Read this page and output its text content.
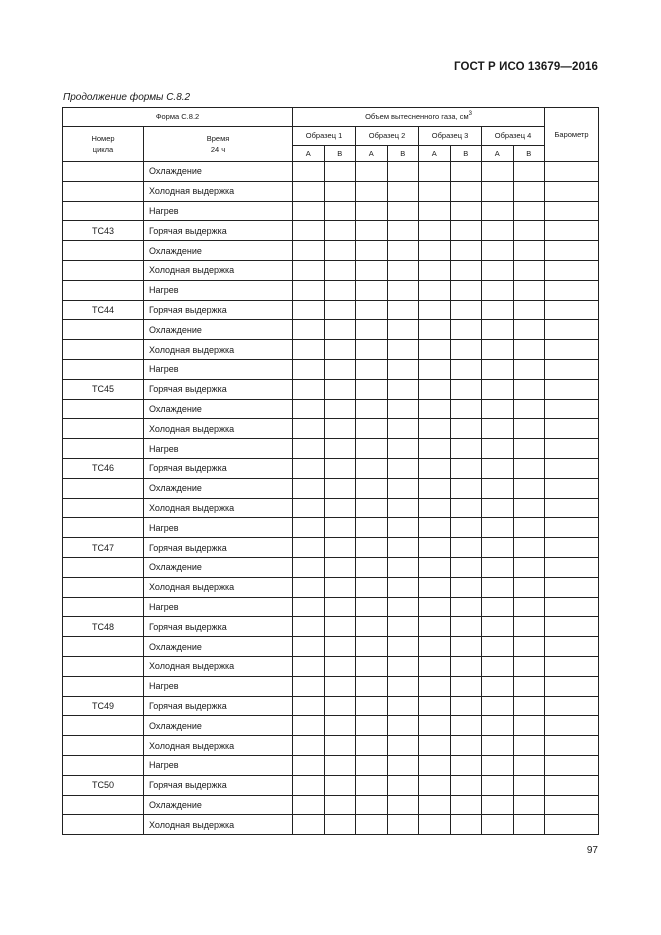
ГОСТ Р ИСО 13679—2016
Продолжение формы С.8.2
Форма С.8.2		Объем вытесненного газа, $см^3$								Барометр

Номер
цикла	Время
24 ч	Образец 1		Образец 2		Образец 3		Образец 4		
		A	B	A	B	A	B	A	B	
	Охлаждение									
	Холодная выдержка									
	Нагрев									
TC43	Горячая выдержка									
	Охлаждение									
	Холодная выдержка									
	Нагрев									
TC44	Горячая выдержка									
	Охлаждение									
	Холодная выдержка									
	Нагрев									
TC45	Горячая выдержка									
	Охлаждение									
	Холодная выдержка									
	Нагрев									
TC46	Горячая выдержка									
	Охлаждение									
	Холодная выдержка									
	Нагрев									
TC47	Горячая выдержка									
	Охлаждение									
	Холодная выдержка									
	Нагрев									
TC48	Горячая выдержка									
	Охлаждение									
	Холодная выдержка									
	Нагрев									
TC49	Горячая выдержка									
	Охлаждение									
	Холодная выдержка									
	Нагрев									
TC50	Горячая выдержка									
	Охлаждение									
	Холодная выдержка									
97
